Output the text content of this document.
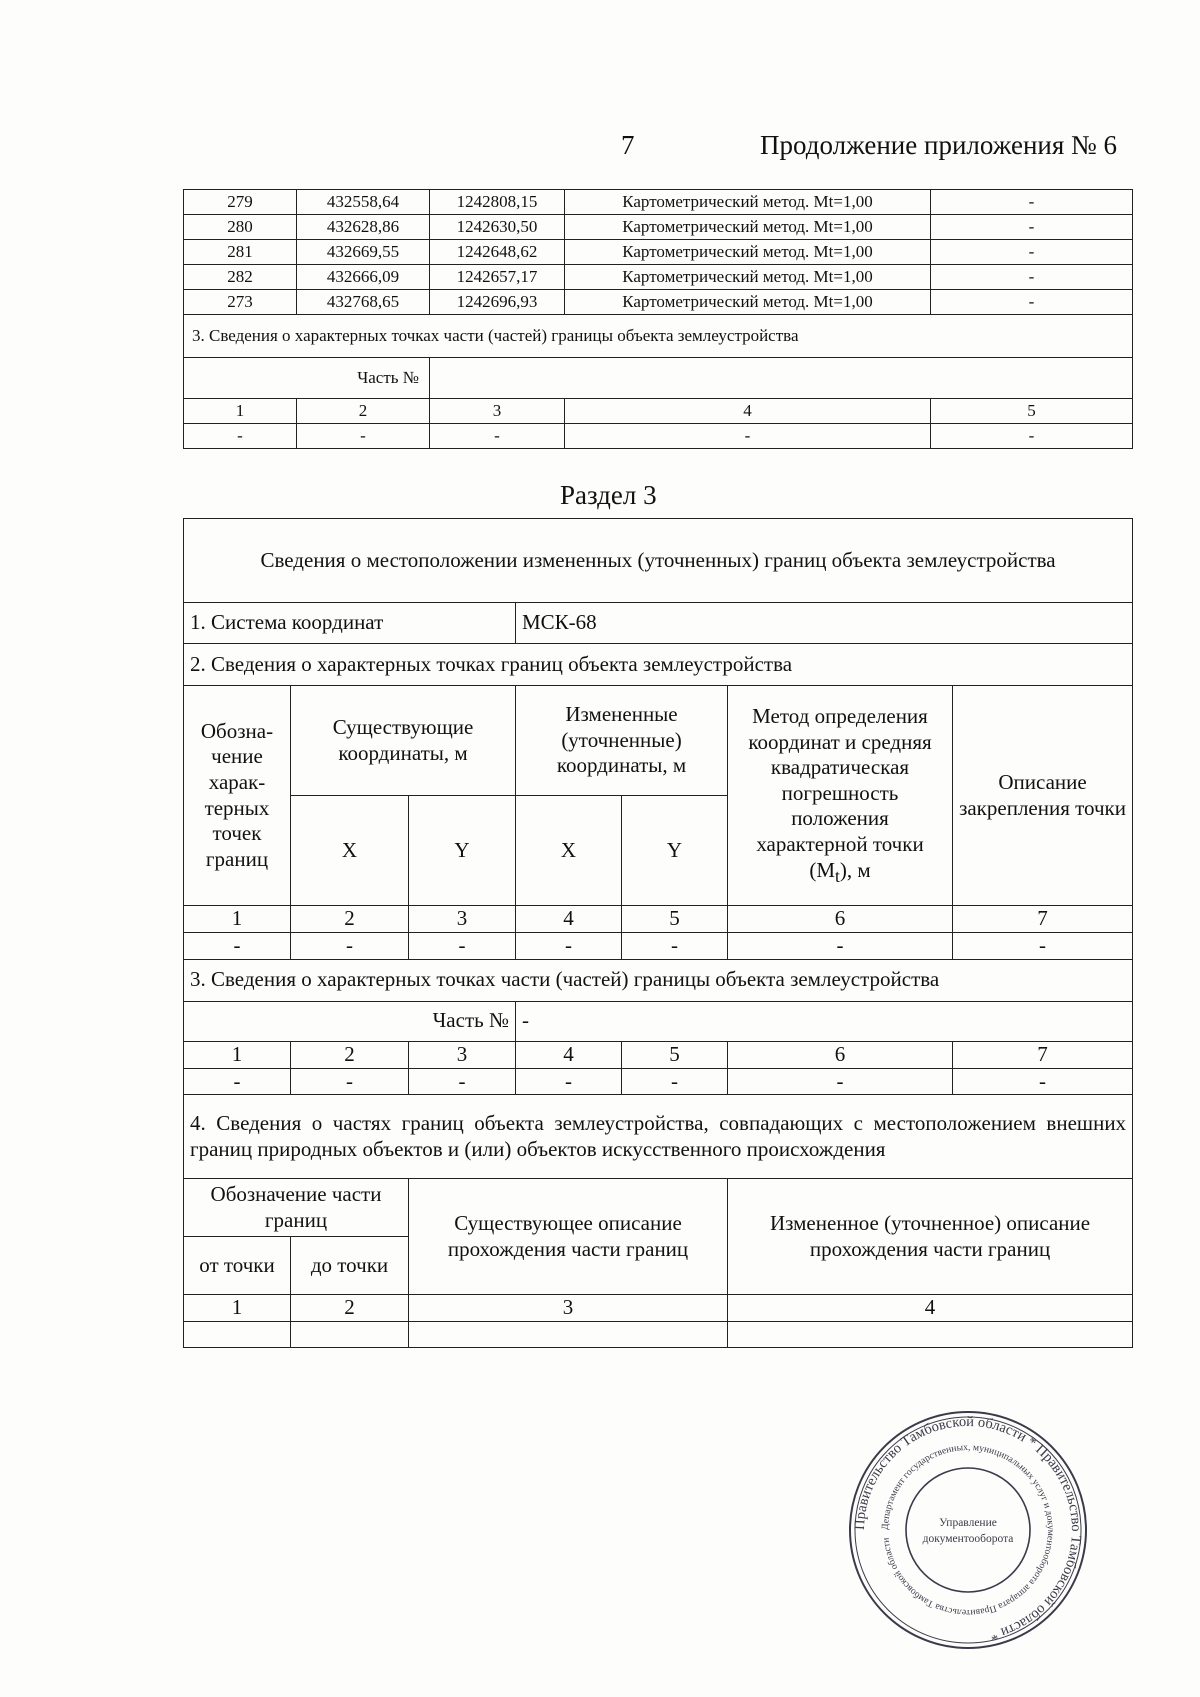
7	Продолжение приложения № 6
279	432558,64	1242808,15	Картометрический метод. Mt=1,00	-
280	432628,86	1242630,50	Картометрический метод. Mt=1,00	-
281	432669,55	1242648,62	Картометрический метод. Mt=1,00	-
282	432666,09	1242657,17	Картометрический метод. Mt=1,00	-
273	432768,65	1242696,93	Картометрический метод. Mt=1,00	-
3. Сведения о характерных точках части (частей) границы объекта землеустройства				
Часть №				
1	2	3	4	5
-	-	-	-	-
Раздел 3
Сведения о местоположении измененных (уточненных) границ объекта землеустройства						
1. Система координат			МСК-68			
2. Сведения о характерных точках границ объекта землеустройства						
Обозна-чение харак-терных точек границ	Существующие координаты, м		Измененные (уточненные) координаты, м		Метод определения координат и средняя квадратическая погрешность положения характерной точки $(M_t)$, м	Описание закрепления точки
	X	Y	X	Y		
1	2	3	4	5	6	7
-	-	-	-	-	-	-
3. Сведения о характерных точках части (частей) границы объекта землеустройства						
Часть №			-			
1	2	3	4	5	6	7
-	-	-	-	-	-	-
4. Сведения о частях границ объекта землеустройства, совпадающих с местоположением внешних границ природных объектов и (или) объектов искусственного происхождения						
Обозначение части границ		Существующее описание прохождения части границ			Измененное (уточненное) описание прохождения части границ	
от точки	до точки					
1	2	3			4	

Правительство Тамбовской области * Правительство Тамбовской области *
Департамент государственных, муниципальных услуг и документооборота аппарата Правительства Тамбовской области
Управление
документооборота
